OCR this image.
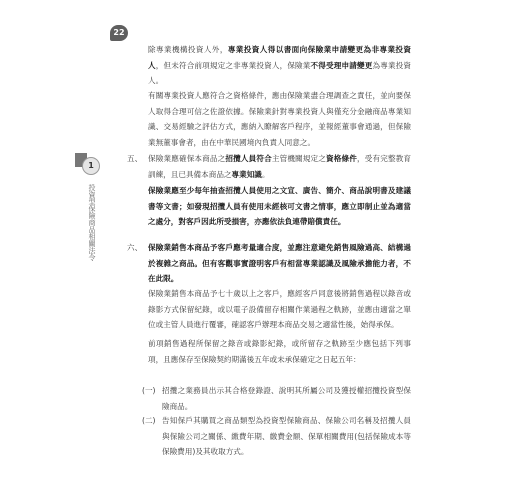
22
1
投資型保險商品相關法令
除專業機構投資人外，專業投資人得以書面向保險業申請變更為非專業投資人，但未符合前項規定之非專業投資人，保險業不得受理申請變更為專業投資人。
有關專業投資人應符合之資格條件，應由保險業盡合理調查之責任，並向要保人取得合理可信之佐證依據。保險業針對專業投資人與僅充分金融商品專業知識、交易經驗之評估方式，應納入瞭解客戶程序，並報經董事會通過，但保險業無董事會者，由在中華民國境內負責人同意之。
五、 保險業應確保本商品之招攬人員符合主管機關規定之資格條件，受有完整教育訓練，且已具備本商品之專業知識。
保險業應至少每年抽查招攬人員使用之文宣、廣告、簡介、商品說明書及建議書等文書；如發現招攬人員有使用未經核可文書之情事，應立即制止並為適當之處分，對客戶因此所受損害，亦應依法負連帶賠償責任。
六、 保險業銷售本商品予客戶應考量適合度，並應注意避免銷售風險過高、結構過於複雜之商品。但有客觀事實證明客戶有相當專業認識及風險承擔能力者，不在此限。
保險業銷售本商品予七十歲以上之客戶，應經客戶同意後將銷售過程以錄音或錄影方式保留紀錄，或以電子設備留存相關作業過程之軌跡，並應由適當之單位或主管人員進行覆審，確認客戶辦理本商品交易之適當性後，始得承保。
前項銷售過程所保留之錄音或錄影紀錄，或所留存之軌跡至少應包括下列事項，且應保存至保險契約期滿後五年或未承保確定之日起五年：
(一) 招攬之業務員出示其合格登錄證、說明其所屬公司及獲授權招攬投資型保險商品。
(二) 告知保戶其購買之商品類型為投資型保險商品、保險公司名稱及招攬人員與保險公司之關係、繳費年期、繳費金額、保單相關費用(包括保險成本等保險費用)及其收取方式。
